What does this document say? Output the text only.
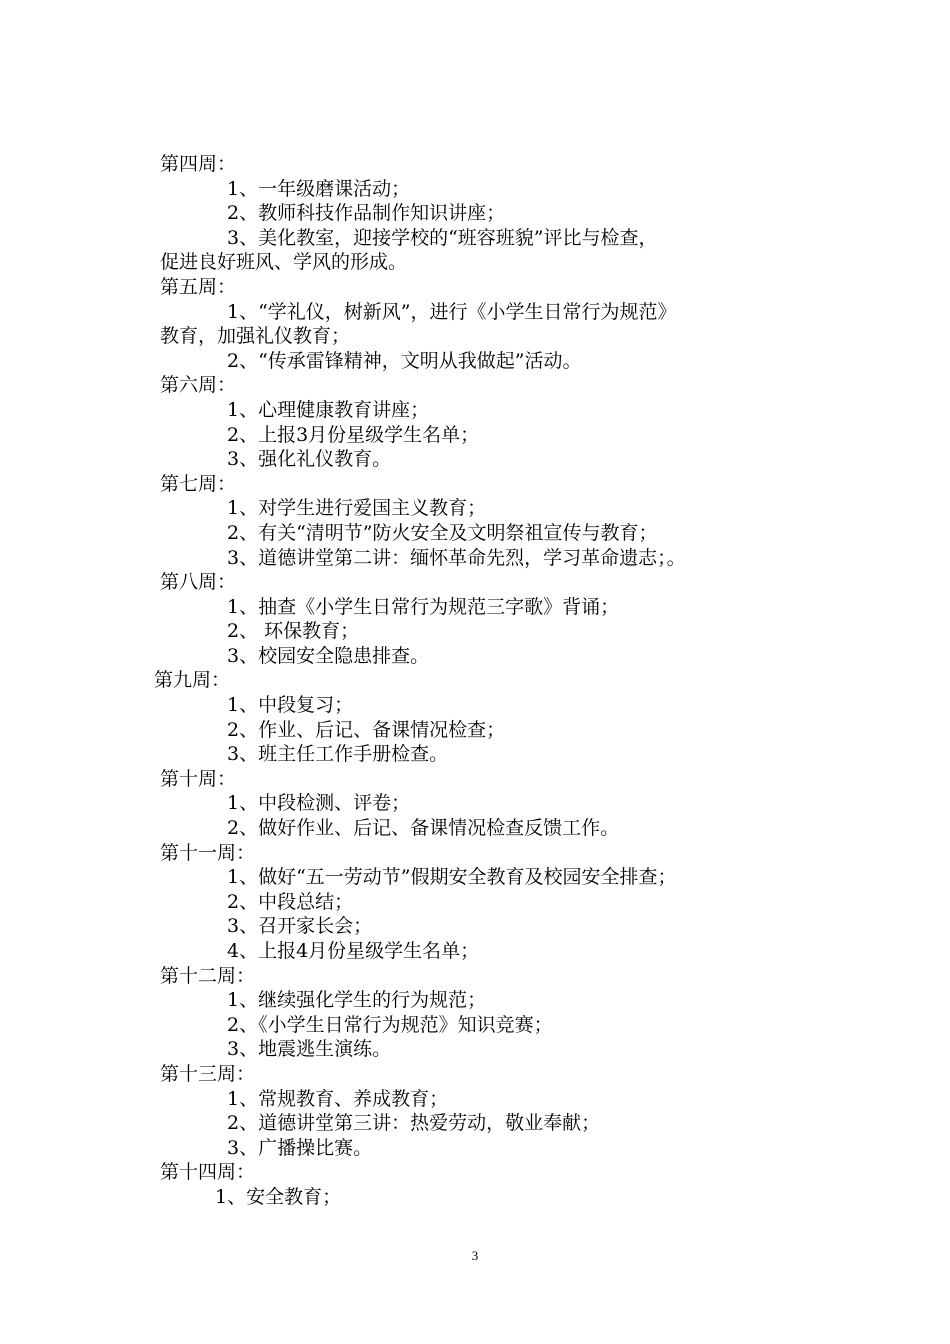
第四周：
1、一年级磨课活动；
2、教师科技作品制作知识讲座；
3、美化教室，迎接学校的“班容班貌”评比与检查，
促进良好班风、学风的形成。
第五周：
1、“学礼仪，树新风”，进行《小学生日常行为规范》
教育，加强礼仪教育；
2、“传承雷锋精神，文明从我做起”活动。
第六周：
1、心理健康教育讲座；
2、上报3月份星级学生名单；
3、强化礼仪教育。
第七周：
1、对学生进行爱国主义教育；
2、有关“清明节”防火安全及文明祭祖宣传与教育；
3、道德讲堂第二讲：缅怀革命先烈，学习革命遗志；。
第八周：
1、抽查《小学生日常行为规范三字歌》背诵；
2、 环保教育；
3、校园安全隐患排查。
第九周：
1、中段复习；
2、作业、后记、备课情况检查；
3、班主任工作手册检查。
第十周：
1、中段检测、评卷；
2、做好作业、后记、备课情况检查反馈工作。
第十一周：
1、做好“五一劳动节”假期安全教育及校园安全排查；
2、中段总结；
3、召开家长会；
4、上报4月份星级学生名单；
第十二周：
1、继续强化学生的行为规范；
2、《小学生日常行为规范》知识竞赛；
3、地震逃生演练。
第十三周：
1、常规教育、养成教育；
2、道德讲堂第三讲：热爱劳动，敬业奉献；
3、广播操比赛。
第十四周：
1、安全教育；
3
